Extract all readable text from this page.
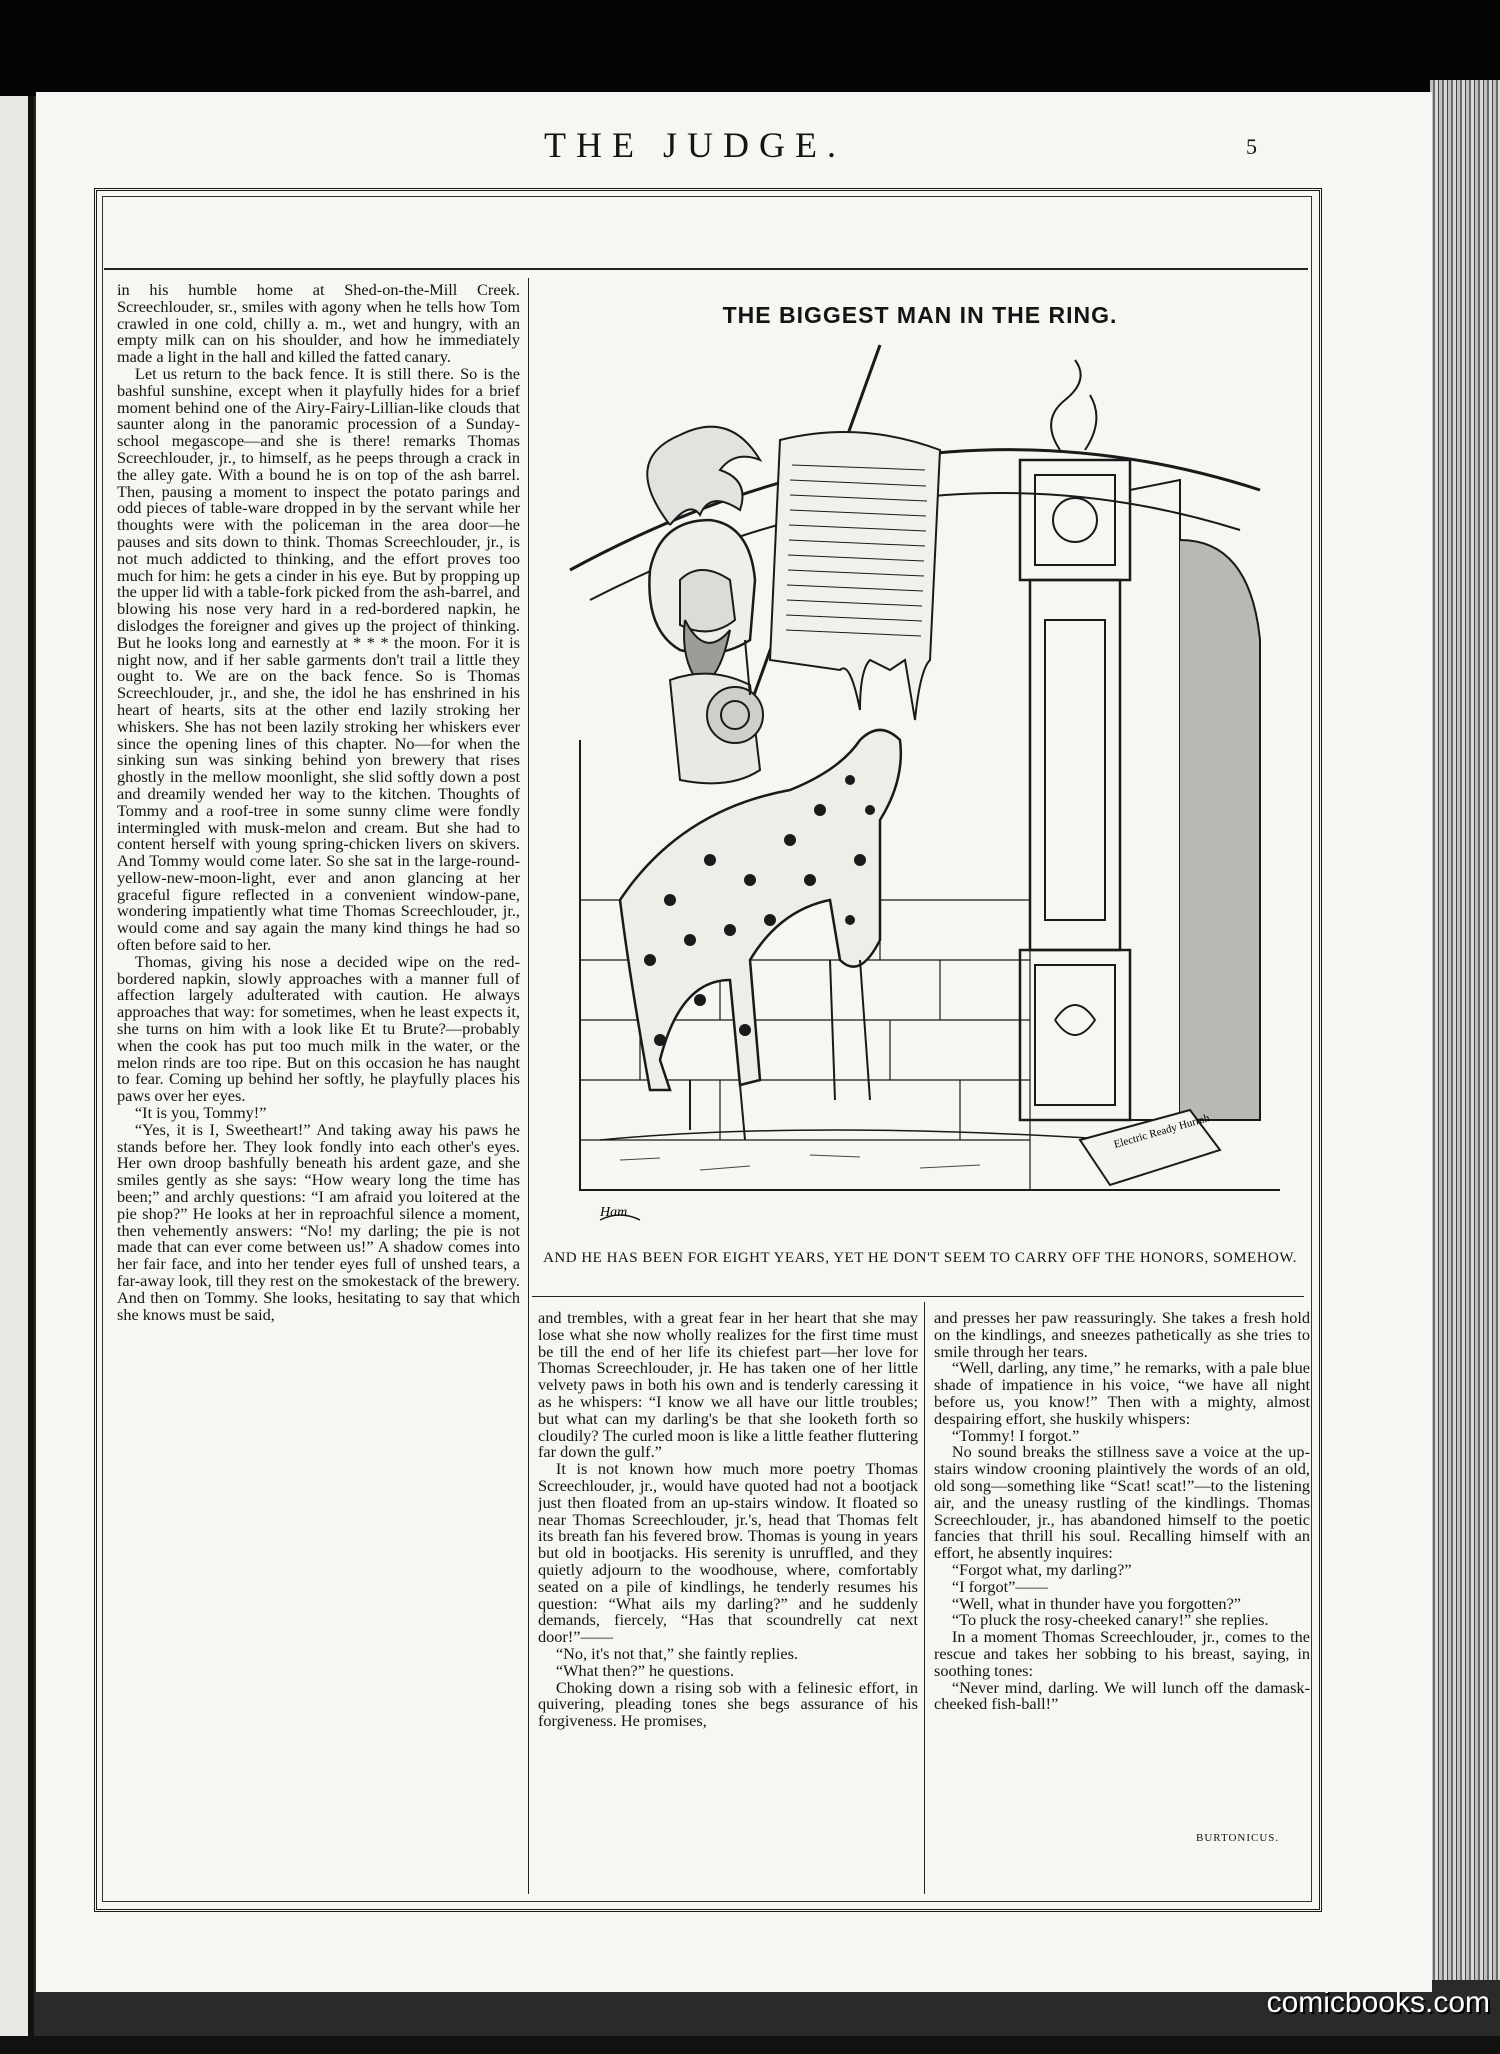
THE JUDGE.	5

in his humble home at Shed-on-the-Mill Creek. Screechlouder, sr., smiles with agony when he tells how Tom crawled in one cold, chilly a. m., wet and hungry, with an empty milk can on his shoulder, and how he immediately made a light in the hall and killed the fatted canary.

Let us return to the back fence. It is still there. So is the bashful sunshine, except when it playfully hides for a brief moment behind one of the Airy-Fairy-Lillian-like clouds that saunter along in the panoramic procession of a Sunday-school megascope—and she is there! remarks Thomas Screechlouder, jr., to himself, as he peeps through a crack in the alley gate. With a bound he is on top of the ash barrel. Then, pausing a moment to inspect the potato parings and odd pieces of table-ware dropped in by the servant while her thoughts were with the policeman in the area door—he pauses and sits down to think. Thomas Screechlouder, jr., is not much addicted to thinking, and the effort proves too much for him: he gets a cinder in his eye. But by propping up the upper lid with a table-fork picked from the ash-barrel, and blowing his nose very hard in a red-bordered napkin, he dislodges the foreigner and gives up the project of thinking. But he looks long and earnestly at * * * the moon. For it is night now, and if her sable garments don't trail a little they ought to. We are on the back fence. So is Thomas Screechlouder, jr., and she, the idol he has enshrined in his heart of hearts, sits at the other end lazily stroking her whiskers. She has not been lazily stroking her whiskers ever since the opening lines of this chapter. No—for when the sinking sun was sinking behind yon brewery that rises ghostly in the mellow moonlight, she slid softly down a post and dreamily wended her way to the kitchen. Thoughts of Tommy and a roof-tree in some sunny clime were fondly intermingled with musk-melon and cream. But she had to content herself with young spring-chicken livers on skivers. And Tommy would come later. So she sat in the large-round-yellow-new-moon-light, ever and anon glancing at her graceful figure reflected in a convenient window-pane, wondering impatiently what time Thomas Screechlouder, jr., would come and say again the many kind things he had so often before said to her.

Thomas, giving his nose a decided wipe on the red-bordered napkin, slowly approaches with a manner full of affection largely adulterated with caution. He always approaches that way: for sometimes, when he least expects it, she turns on him with a look like Et tu Brute?—probably when the cook has put too much milk in the water, or the melon rinds are too ripe. But on this occasion he has naught to fear. Coming up behind her softly, he playfully places his paws over her eyes.

“It is you, Tommy!”

“Yes, it is I, Sweetheart!” And taking away his paws he stands before her. They look fondly into each other's eyes. Her own droop bashfully beneath his ardent gaze, and she smiles gently as she says: “How weary long the time has been;” and archly questions: “I am afraid you loitered at the pie shop?” He looks at her in reproachful silence a moment, then vehemently answers: “No! my darling; the pie is not made that can ever come between us!” A shadow comes into her fair face, and into her tender eyes full of unshed tears, a far-away look, till they rest on the smokestack of the brewery. And then on Tommy. She looks, hesitating to say that which she knows must be said,

THE BIGGEST MAN IN THE RING.
Electric Ready Hurrah
Ham
AND HE HAS BEEN FOR EIGHT YEARS, YET HE DON'T SEEM TO CARRY OFF THE HONORS, SOMEHOW.

and trembles, with a great fear in her heart that she may lose what she now wholly realizes for the first time must be till the end of her life its chiefest part—her love for Thomas Screechlouder, jr. He has taken one of her little velvety paws in both his own and is tenderly caressing it as he whispers: “I know we all have our little troubles; but what can my darling's be that she looketh forth so cloudily? The curled moon is like a little feather fluttering far down the gulf.”

It is not known how much more poetry Thomas Screechlouder, jr., would have quoted had not a bootjack just then floated from an up-stairs window. It floated so near Thomas Screechlouder, jr.'s, head that Thomas felt its breath fan his fevered brow. Thomas is young in years but old in bootjacks. His serenity is unruffled, and they quietly adjourn to the woodhouse, where, comfortably seated on a pile of kindlings, he tenderly resumes his question: “What ails my darling?” and he suddenly demands, fiercely, “Has that scoundrelly cat next door!”——

“No, it's not that,” she faintly replies.

“What then?” he questions.

Choking down a rising sob with a felinesic effort, in quivering, pleading tones she begs assurance of his forgiveness. He promises,

and presses her paw reassuringly. She takes a fresh hold on the kindlings, and sneezes pathetically as she tries to smile through her tears.

“Well, darling, any time,” he remarks, with a pale blue shade of impatience in his voice, “we have all night before us, you know!” Then with a mighty, almost despairing effort, she huskily whispers:

“Tommy! I forgot.”

No sound breaks the stillness save a voice at the up-stairs window crooning plaintively the words of an old, old song—something like “Scat! scat!”—to the listening air, and the uneasy rustling of the kindlings. Thomas Screechlouder, jr., has abandoned himself to the poetic fancies that thrill his soul. Recalling himself with an effort, he absently inquires:

“Forgot what, my darling?”

“I forgot”——

“Well, what in thunder have you forgotten?”

“To pluck the rosy-cheeked canary!” she replies.

In a moment Thomas Screechlouder, jr., comes to the rescue and takes her sobbing to his breast, saying, in soothing tones:

“Never mind, darling. We will lunch off the damask-cheeked fish-ball!”

BURTONICUS.
comicbooks.com
